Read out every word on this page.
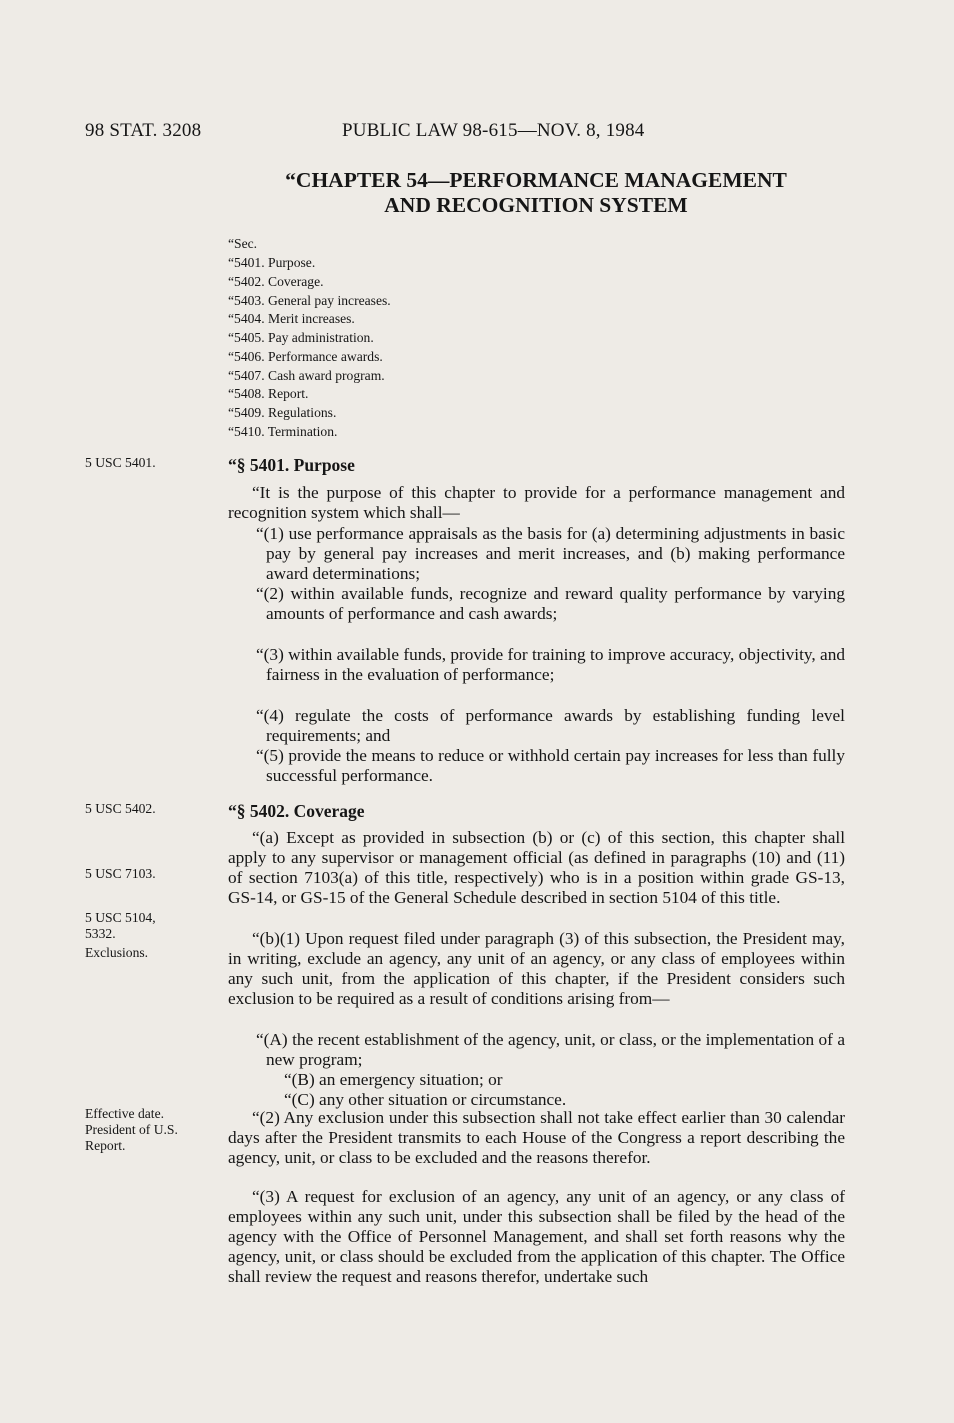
98 STAT. 3208	PUBLIC LAW 98-615—NOV. 8, 1984
“CHAPTER 54—PERFORMANCE MANAGEMENT
AND RECOGNITION SYSTEM
“Sec.
“5401. Purpose.
“5402. Coverage.
“5403. General pay increases.
“5404. Merit increases.
“5405. Pay administration.
“5406. Performance awards.
“5407. Cash award program.
“5408. Report.
“5409. Regulations.
“5410. Termination.
5 USC 5401.
5 USC 5402.
5 USC 7103.
5 USC 5104,
5332.
Exclusions.
Effective date.
President of U.S.
Report.
“§ 5401. Purpose
“It is the purpose of this chapter to provide for a performance management and recognition system which shall—
“(1) use performance appraisals as the basis for (a) determining adjustments in basic pay by general pay increases and merit increases, and (b) making performance award determinations;
“(2) within available funds, recognize and reward quality performance by varying amounts of performance and cash awards;
“(3) within available funds, provide for training to improve accuracy, objectivity, and fairness in the evaluation of performance;
“(4) regulate the costs of performance awards by establishing funding level requirements; and
“(5) provide the means to reduce or withhold certain pay increases for less than fully successful performance.
“§ 5402. Coverage
“(a) Except as provided in subsection (b) or (c) of this section, this chapter shall apply to any supervisor or management official (as defined in paragraphs (10) and (11) of section 7103(a) of this title, respectively) who is in a position within grade GS-13, GS-14, or GS-15 of the General Schedule described in section 5104 of this title.
“(b)(1) Upon request filed under paragraph (3) of this subsection, the President may, in writing, exclude an agency, any unit of an agency, or any class of employees within any such unit, from the application of this chapter, if the President considers such exclusion to be required as a result of conditions arising from—
“(A) the recent establishment of the agency, unit, or class, or the implementation of a new program;
“(B) an emergency situation; or
“(C) any other situation or circumstance.
“(2) Any exclusion under this subsection shall not take effect earlier than 30 calendar days after the President transmits to each House of the Congress a report describing the agency, unit, or class to be excluded and the reasons therefor.
“(3) A request for exclusion of an agency, any unit of an agency, or any class of employees within any such unit, under this subsection shall be filed by the head of the agency with the Office of Personnel Management, and shall set forth reasons why the agency, unit, or class should be excluded from the application of this chapter. The Office shall review the request and reasons therefor, undertake such
